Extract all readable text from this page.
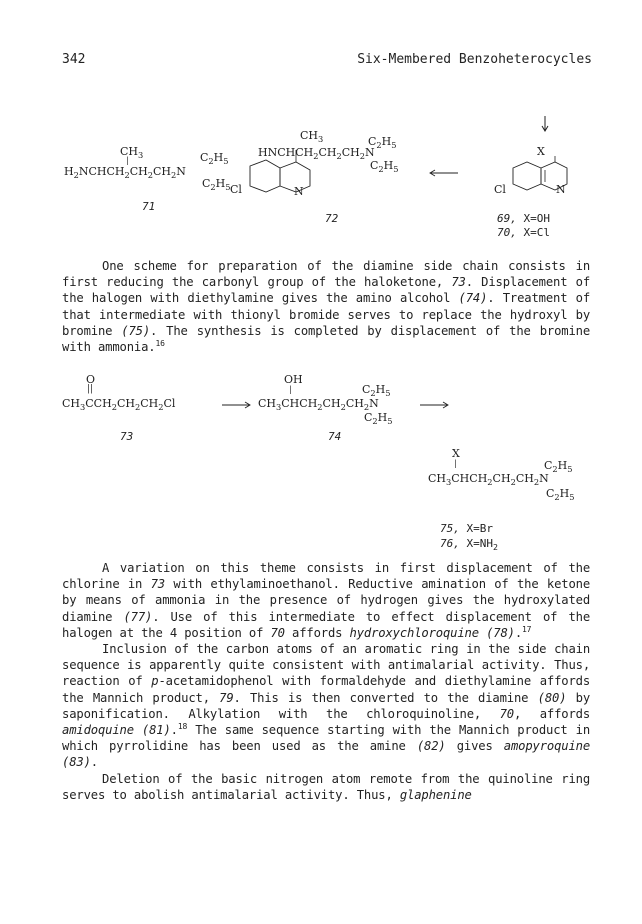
342	Six-Membered Benzoheterocycles
$CH_3$
|	$C_2H_5$
$H_2NCHCH_2CH_2CH_2N$
$C_2H_5$
71
$CH_3$	$C_2H_5$
$HNCHCH_2CH_2CH_2N$
$C_2H_5$
Cl	N
72
X
Cl	N
69, X=OH
70, X=Cl

One scheme for preparation of the diamine side chain consists in first reducing the carbonyl group of the haloketone, 73. Displacement of the halogen with diethylamine gives the amino alcohol (74). Treatment of that intermediate with thionyl bromide serves to replace the hydroxyl by bromine (75). The synthesis is completed by displacement of the bromine with ammonia.$^{16}$

O
||
$CH_3CCH_2CH_2CH_2Cl$
73
OH
|	$C_2H_5$
$CH_3CHCH_2CH_2CH_2N$
$C_2H_5$
74
X
|	$C_2H_5$
$CH_3CHCH_2CH_2CH_2N$
$C_2H_5$
75, X=Br
76, $X=NH_2$

A variation on this theme consists in first displacement of the chlorine in 73 with ethylaminoethanol. Reductive amination of the ketone by means of ammonia in the presence of hydrogen gives the hydroxylated diamine (77). Use of this intermediate to effect displacement of the halogen at the 4 position of 70 affords hydroxychloroquine (78).$^{17}$

Inclusion of the carbon atoms of an aromatic ring in the side chain sequence is apparently quite consistent with antimalarial activity. Thus, reaction of p-acetamidophenol with formaldehyde and diethylamine affords the Mannich product, 79. This is then converted to the diamine (80) by saponification. Alkylation with the chloroquinoline, 70, affords amidoquine (81).$^{18}$ The same sequence starting with the Mannich product in which pyrrolidine has been used as the amine (82) gives amopyroquine (83).

Deletion of the basic nitrogen atom remote from the quinoline ring serves to abolish antimalarial activity. Thus, glaphenine
